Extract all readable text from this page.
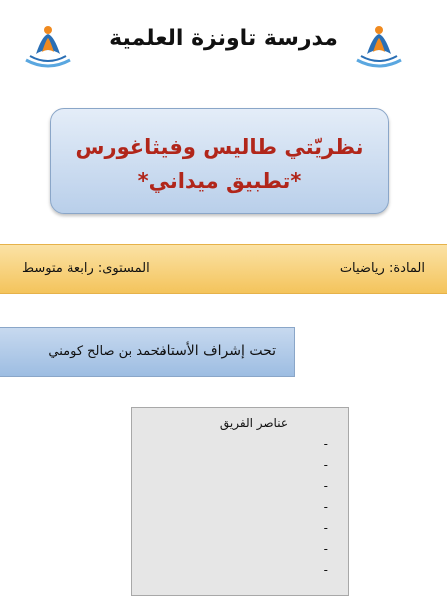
مدرسة تاونزة العلمية
نظريّتي طاليس وفيثاغورس
*تطبيق ميداني*
المادة: رياضيات
المستوى: رابعة متوسط
تحت إشراف الأستاذ:
محمد بن صالح كومني
عناصر الفريق
-
-
-
-
-
-
-
